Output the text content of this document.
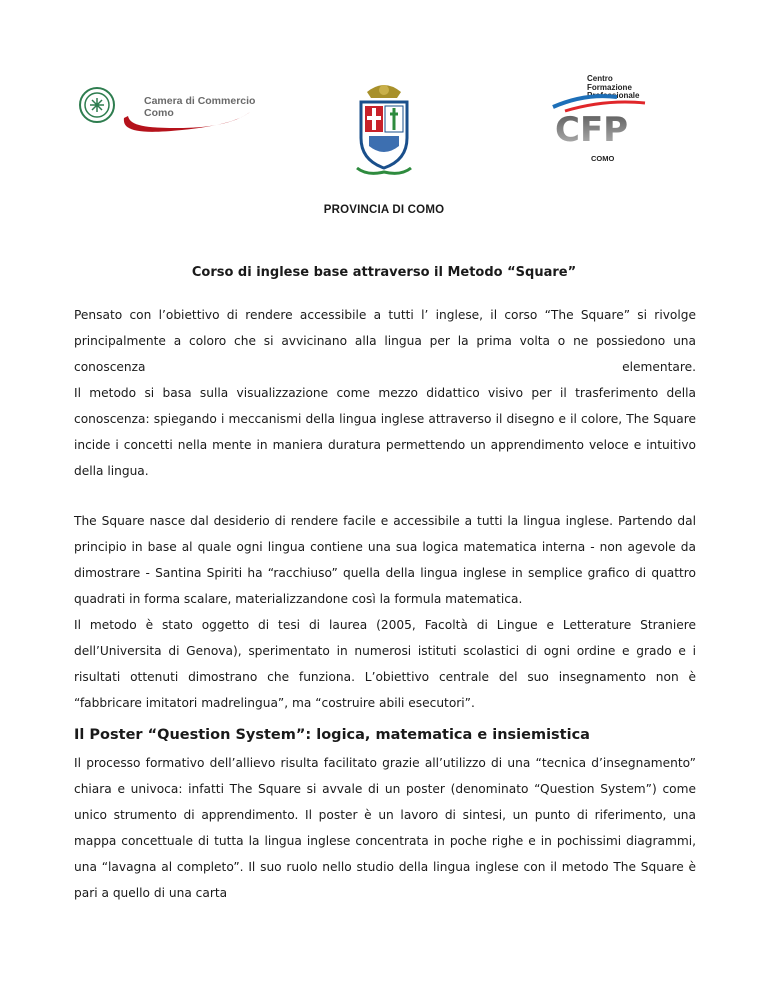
Camera di Commercio
Como
Centro
Formazione
Professionale
CFP
COMO
PROVINCIA DI COMO
Corso di inglese base attraverso il Metodo “Square”

Pensato con l’obiettivo di rendere accessibile a tutti l’ inglese, il corso “The Square” si rivolge principalmente a coloro che si avvicinano alla lingua per la prima volta o ne possiedono una conoscenza elementare.

Il metodo si basa sulla visualizzazione come mezzo didattico visivo per il trasferimento della conoscenza: spiegando i meccanismi della lingua inglese attraverso il disegno e il colore, The Square incide i concetti nella mente in maniera duratura permettendo un apprendimento veloce e intuitivo della lingua.

The Square nasce dal desiderio di rendere facile e accessibile a tutti la lingua inglese. Partendo dal principio in base al quale ogni lingua contiene una sua logica matematica interna - non agevole da dimostrare - Santina Spiriti ha “racchiuso” quella della lingua inglese in semplice grafico di quattro quadrati in forma scalare, materializzandone così la formula matematica.

Il metodo è stato oggetto di tesi di laurea (2005, Facoltà di Lingue e Letterature Straniere dell’Universita di Genova), sperimentato in numerosi istituti scolastici di ogni ordine e grado e i risultati ottenuti dimostrano che funziona. L’obiettivo centrale del suo insegnamento non è “fabbricare imitatori madrelingua”, ma “costruire abili esecutori”.

Il Poster “Question System”: logica, matematica e insiemistica

Il processo formativo dell’allievo risulta facilitato grazie all’utilizzo di una “tecnica d’insegnamento” chiara e univoca: infatti The Square si avvale di un poster (denominato “Question System”) come unico strumento di apprendimento. Il poster è un lavoro di sintesi, un punto di riferimento, una mappa concettuale di tutta la lingua inglese concentrata in poche righe e in pochissimi diagrammi, una “lavagna al completo”. Il suo ruolo nello studio della lingua inglese con il metodo The Square è pari a quello di una carta
